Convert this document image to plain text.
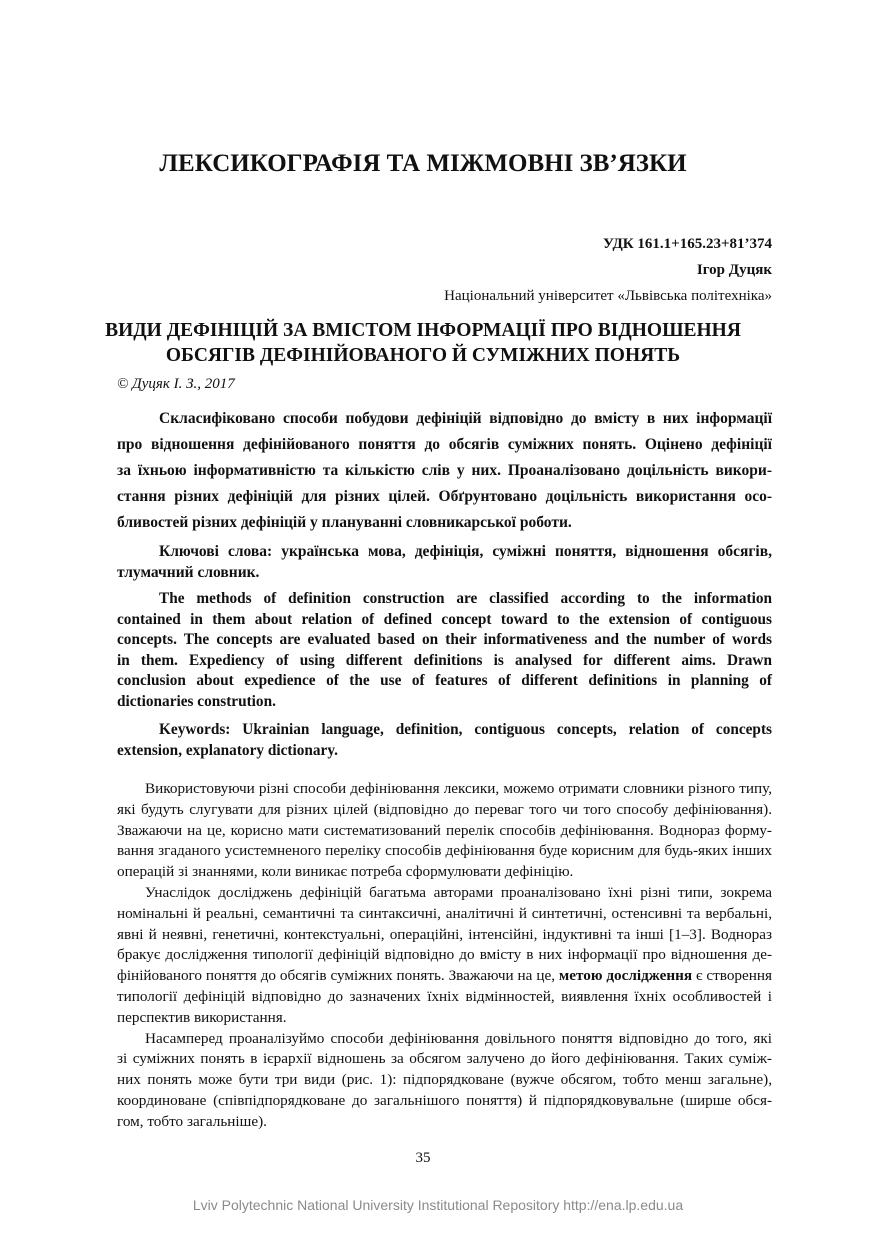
ЛЕКСИКОГРАФІЯ ТА МІЖМОВНІ ЗВ’ЯЗКИ
УДК 161.1+165.23+81’374
Ігор Дуцяк
Національний університет «Львівська політехніка»
ВИДИ ДЕФІНІЦІЙ ЗА ВМІСТОМ ІНФОРМАЦІЇ ПРО ВІДНОШЕННЯ
ОБСЯГІВ ДЕФІНІЙОВАНОГО Й СУМІЖНИХ ПОНЯТЬ
© Дуцяк І. З., 2017
Скласифіковано способи побудови дефініцій відповідно до вмісту в них інформації
про відношення дефінійованого поняття до обсягів суміжних понять. Оцінено дефініції
за їхньою інформативністю та кількістю слів у них. Проаналізовано доцільність викори-
стання різних дефініцій для різних цілей. Обґрунтовано доцільність використання осо-
бливостей різних дефініцій у плануванні словникарської роботи.
Ключові слова: українська мова, дефініція, суміжні поняття, відношення обсягів,
тлумачний словник.
The methods of definition construction are classified according to the information
contained in them about relation of defined concept toward to the extension of contiguous
concepts. The concepts are evaluated based on their informativeness and the number of words
in them. Expediency of using different definitions is analysed for different aims. Drawn
conclusion about expedience of the use of features of different definitions in planning of
dictionaries constrution.
Keywords: Ukrainian language, definition, contiguous concepts, relation of concepts
extension, explanatory dictionary.
Використовуючи різні способи дефініювання лексики, можемо отримати словники різного типу,
які будуть слугувати для різних цілей (відповідно до переваг того чи того способу дефініювання).
Зважаючи на це, корисно мати систематизований перелік способів дефініювання. Воднораз форму-
вання згаданого усистемненого переліку способів дефініювання буде корисним для будь-яких інших
операцій зі знаннями, коли виникає потреба сформулювати дефініцію.
Унаслідок досліджень дефініцій багатьма авторами проаналізовано їхні різні типи, зокрема
номінальні й реальні, семантичні та синтаксичні, аналітичні й синтетичні, остенсивні та вербальні,
явні й неявні, генетичні, контекстуальні, операційні, інтенсійні, індуктивні та інші [1–3]. Воднораз
бракує дослідження типології дефініцій відповідно до вмісту в них інформації про відношення де-
фінійованого поняття до обсягів суміжних понять. Зважаючи на це, метою дослідження є створення
типології дефініцій відповідно до зазначених їхніх відмінностей, виявлення їхніх особливостей і
перспектив використання.
Насамперед проаналізуймо способи дефініювання довільного поняття відповідно до того, які
зі суміжних понять в ієрархії відношень за обсягом залучено до його дефініювання. Таких суміж-
них понять може бути три види (рис. 1): підпорядковане (вужче обсягом, тобто менш загальне),
координоване (співпідпорядковане до загальнішого поняття) й підпорядковувальне (ширше обся-
гом, тобто загальніше).
35
Lviv Polytechnic National University Institutional Repository http://ena.lp.edu.ua
